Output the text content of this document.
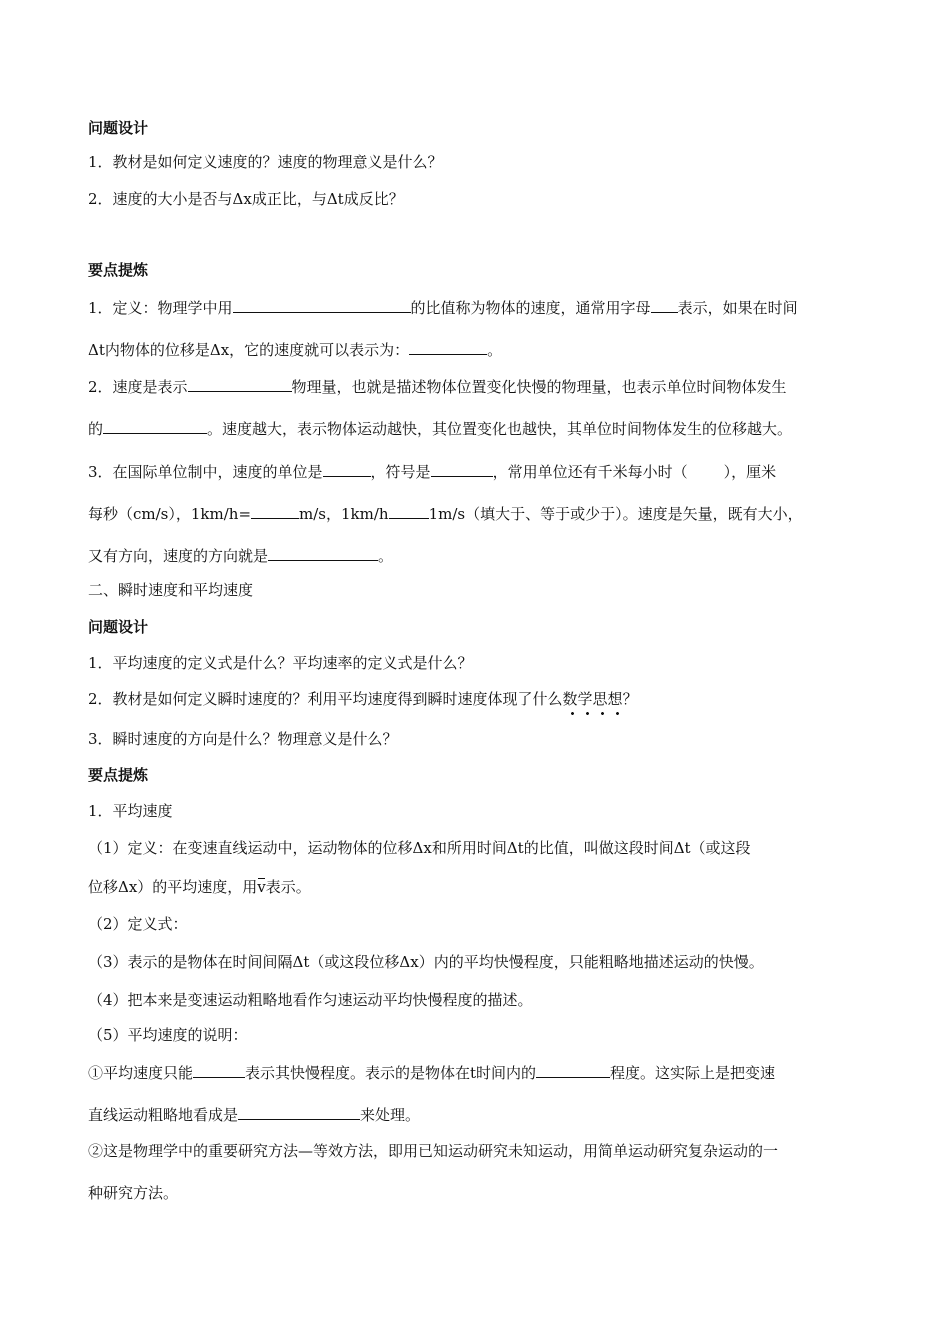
问题设计
1．教材是如何定义速度的？速度的物理意义是什么？
2．速度的大小是否与Δx成正比，与Δt成反比？
要点提炼
1．定义：物理学中用	的比值称为物体的速度，通常用字母 表示，如果在时间
Δt内物体的位移是Δx，它的速度就可以表示为：	。
2．速度是表示	物理量，也就是描述物体位置变化快慢的物理量，也表示单位时间物体发生
的	。速度越大，表示物体运动越快，其位置变化也越快，其单位时间物体发生的位移越大。
3．在国际单位制中，速度的单位是	，符号是	，常用单位还有千米每小时（ ），厘米
每秒（cm/s），1km/h=	m/s，1km/h	1m/s（填大于、等于或少于）。速度是矢量，既有大小，
又有方向，速度的方向就是	。
二、瞬时速度和平均速度
问题设计
1．平均速度的定义式是什么？平均速率的定义式是什么？
2．教材是如何定义瞬时速度的？利用平均速度得到瞬时速度体现了什么数学思想？
3．瞬时速度的方向是什么？物理意义是什么？
要点提炼
1．平均速度
（1）定义：在变速直线运动中，运动物体的位移Δx和所用时间Δt的比值，叫做这段时间Δt（或这段
位移Δx）的平均速度，用v表示。
（2）定义式：
（3）表示的是物体在时间间隔Δt（或这段位移Δx）内的平均快慢程度，只能粗略地描述运动的快慢。
（4）把本来是变速运动粗略地看作匀速运动平均快慢程度的描述。
（5）平均速度的说明：
①平均速度只能	表示其快慢程度。表示的是物体在t时间内的	程度。这实际上是把变速
直线运动粗略地看成是	来处理。
②这是物理学中的重要研究方法—等效方法，即用已知运动研究未知运动，用简单运动研究复杂运动的一
种研究方法。
